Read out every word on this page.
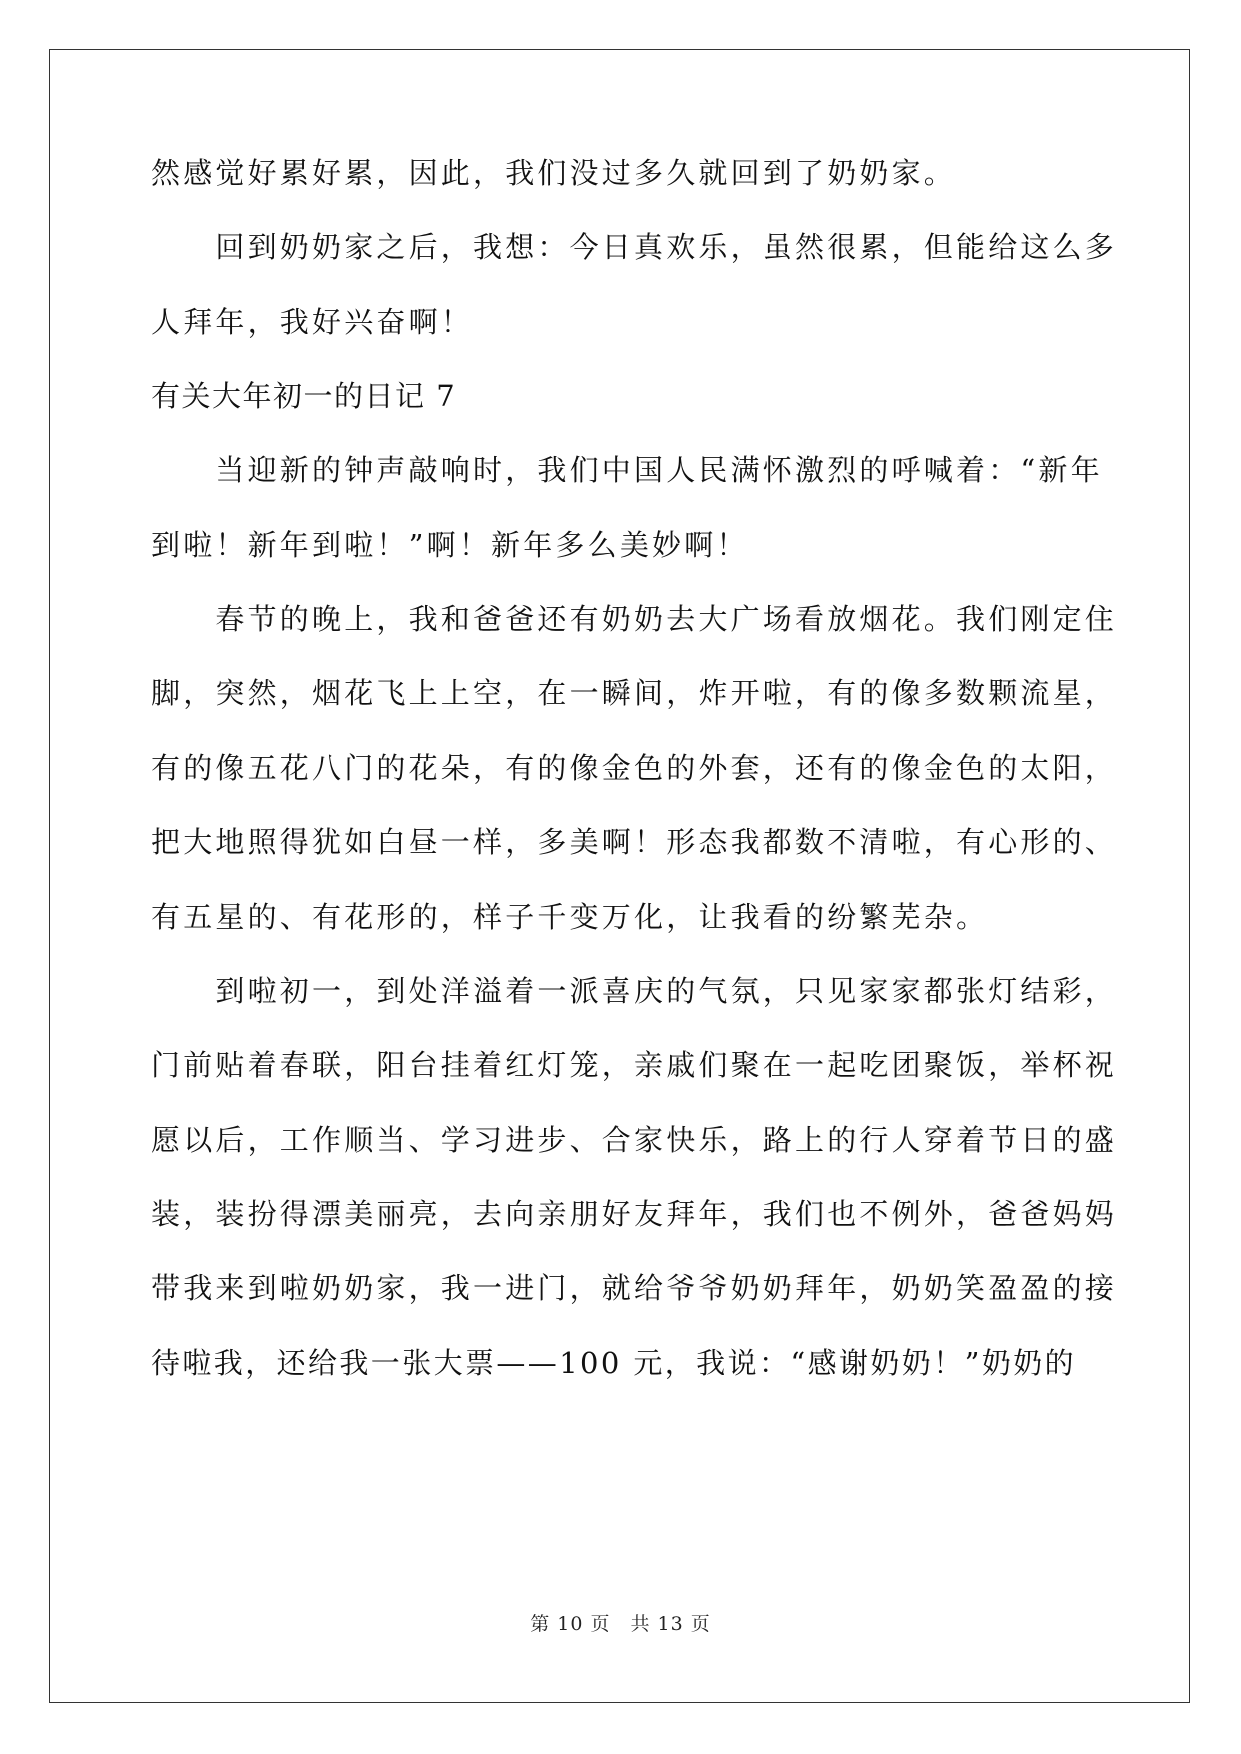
然感觉好累好累，因此，我们没过多久就回到了奶奶家。
　　回到奶奶家之后，我想：今日真欢乐，虽然很累，但能给这么多
人拜年，我好兴奋啊！
有关大年初一的日记 7
　　当迎新的钟声敲响时，我们中国人民满怀激烈的呼喊着：“新年
到啦！新年到啦！”啊！新年多么美妙啊！
　　春节的晚上，我和爸爸还有奶奶去大广场看放烟花。我们刚定住
脚，突然，烟花飞上上空，在一瞬间，炸开啦，有的像多数颗流星，
有的像五花八门的花朵，有的像金色的外套，还有的像金色的太阳，
把大地照得犹如白昼一样，多美啊！形态我都数不清啦，有心形的、
有五星的、有花形的，样子千变万化，让我看的纷繁芜杂。
　　到啦初一，到处洋溢着一派喜庆的气氛，只见家家都张灯结彩，
门前贴着春联，阳台挂着红灯笼，亲戚们聚在一起吃团聚饭，举杯祝
愿以后，工作顺当、学习进步、合家快乐，路上的行人穿着节日的盛
装，装扮得漂美丽亮，去向亲朋好友拜年，我们也不例外，爸爸妈妈
带我来到啦奶奶家，我一进门，就给爷爷奶奶拜年，奶奶笑盈盈的接
待啦我，还给我一张大票——100 元，我说：“感谢奶奶！”奶奶的
第 10 页　共 13 页
